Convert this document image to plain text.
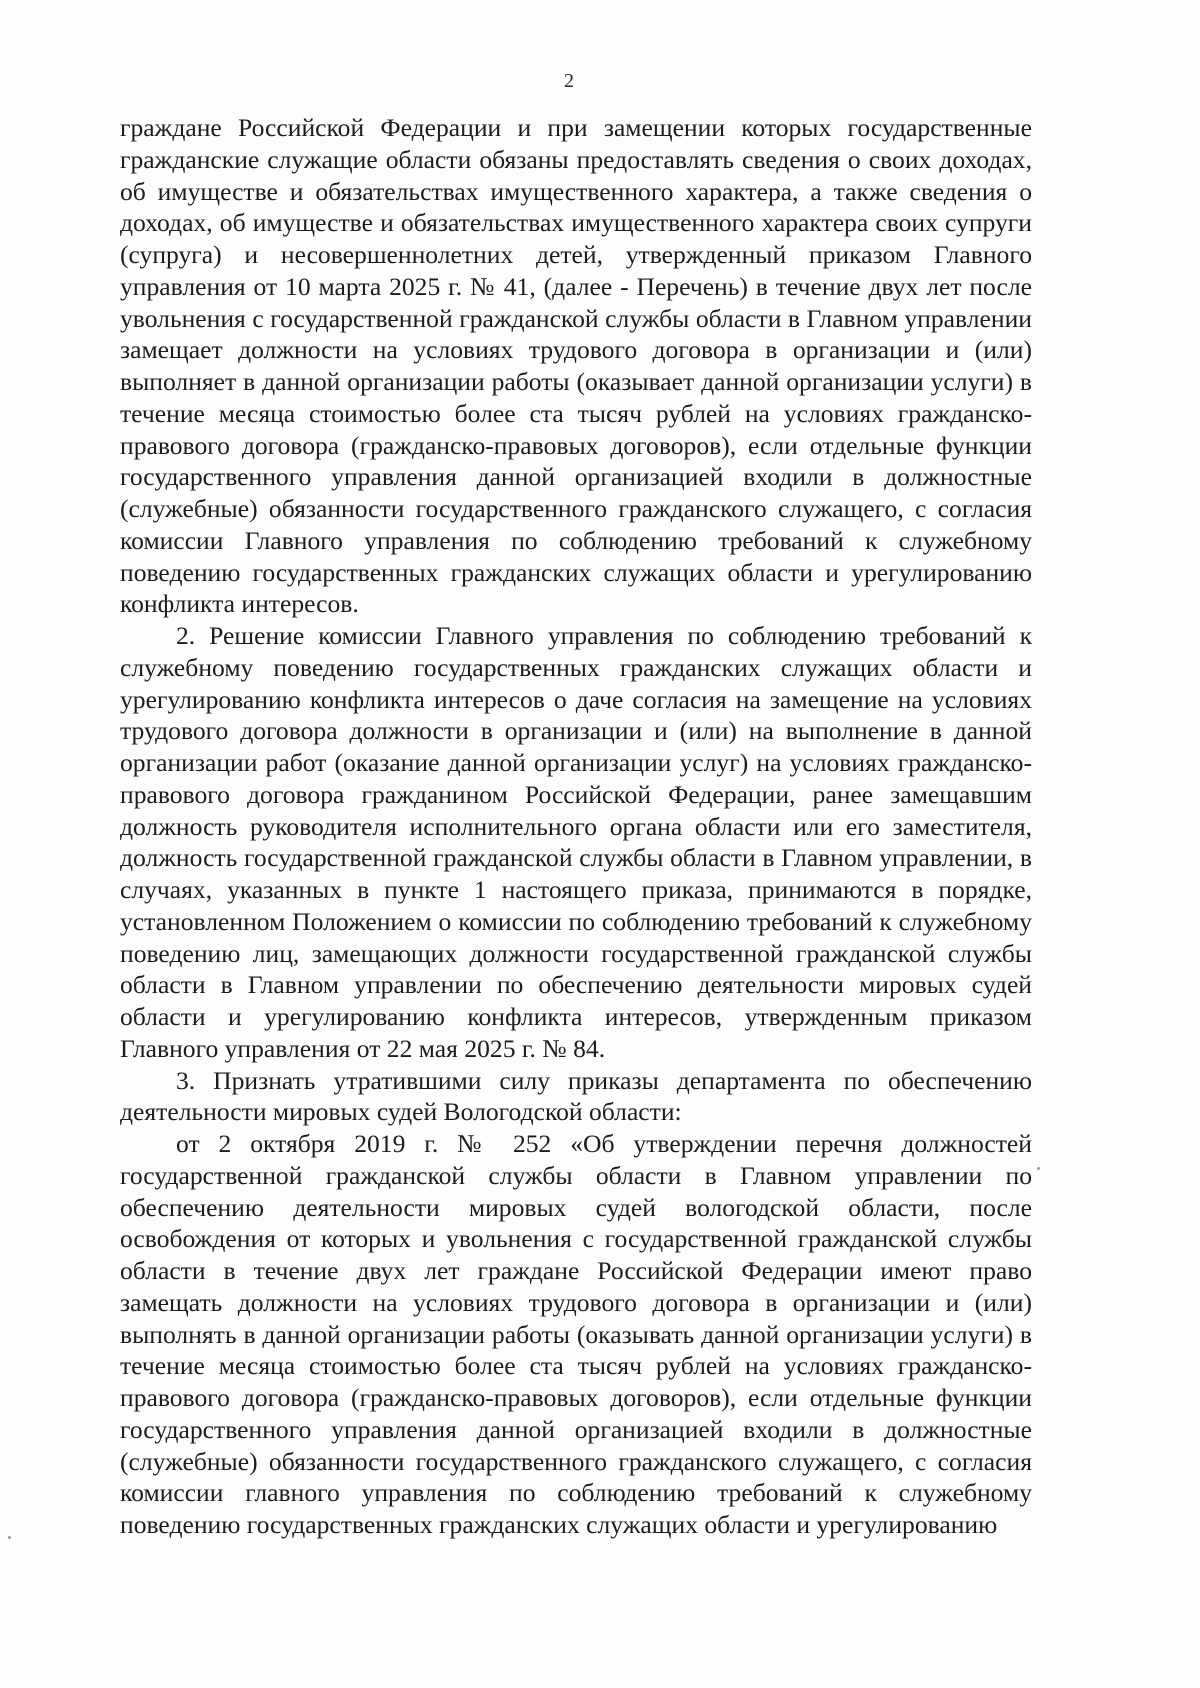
2

граждане Российской Федерации и при замещении которых государственные гражданские служащие области обязаны предоставлять сведения о своих доходах, об имуществе и обязательствах имущественного характера, а также сведения о доходах, об имуществе и обязательствах имущественного характера своих супруги (супруга) и несовершеннолетних детей, утвержденный приказом Главного управления от 10 марта 2025 г. № 41, (далее - Перечень) в течение двух лет после увольнения с государственной гражданской службы области в Главном управлении замещает должности на условиях трудового договора в организации и (или) выполняет в данной организации работы (оказывает данной организации услуги) в течение месяца стоимостью более ста тысяч рублей на условиях гражданско-правового договора (гражданско-правовых договоров), если отдельные функции государственного управления данной организацией входили в должностные (служебные) обязанности государственного гражданского служащего, с согласия комиссии Главного управления по соблюдению требований к служебному поведению государственных гражданских служащих области и урегулированию конфликта интересов.

2. Решение комиссии Главного управления по соблюдению требований к служебному поведению государственных гражданских служащих области и урегулированию конфликта интересов о даче согласия на замещение на условиях трудового договора должности в организации и (или) на выполнение в данной организации работ (оказание данной организации услуг) на условиях гражданско-правового договора гражданином Российской Федерации, ранее замещавшим должность руководителя исполнительного органа области или его заместителя, должность государственной гражданской службы области в Главном управлении, в случаях, указанных в пункте 1 настоящего приказа, принимаются в порядке, установленном Положением о комиссии по соблюдению требований к служебному поведению лиц, замещающих должности государственной гражданской службы области в Главном управлении по обеспечению деятельности мировых судей области и урегулированию конфликта интересов, утвержденным приказом Главного управления от 22 мая 2025 г. № 84.

3. Признать утратившими силу приказы департамента по обеспечению деятельности мировых судей Вологодской области:

от 2 октября 2019 г. № 252 «Об утверждении перечня должностей государственной гражданской службы области в Главном управлении по обеспечению деятельности мировых судей вологодской области, после освобождения от которых и увольнения с государственной гражданской службы области в течение двух лет граждане Российской Федерации имеют право замещать должности на условиях трудового договора в организации и (или) выполнять в данной организации работы (оказывать данной организации услуги) в течение месяца стоимостью более ста тысяч рублей на условиях гражданско-правового договора (гражданско-правовых договоров), если отдельные функции государственного управления данной организацией входили в должностные (служебные) обязанности государственного гражданского служащего, с согласия комиссии главного управления по соблюдению требований к служебному поведению государственных гражданских служащих области и урегулированию
